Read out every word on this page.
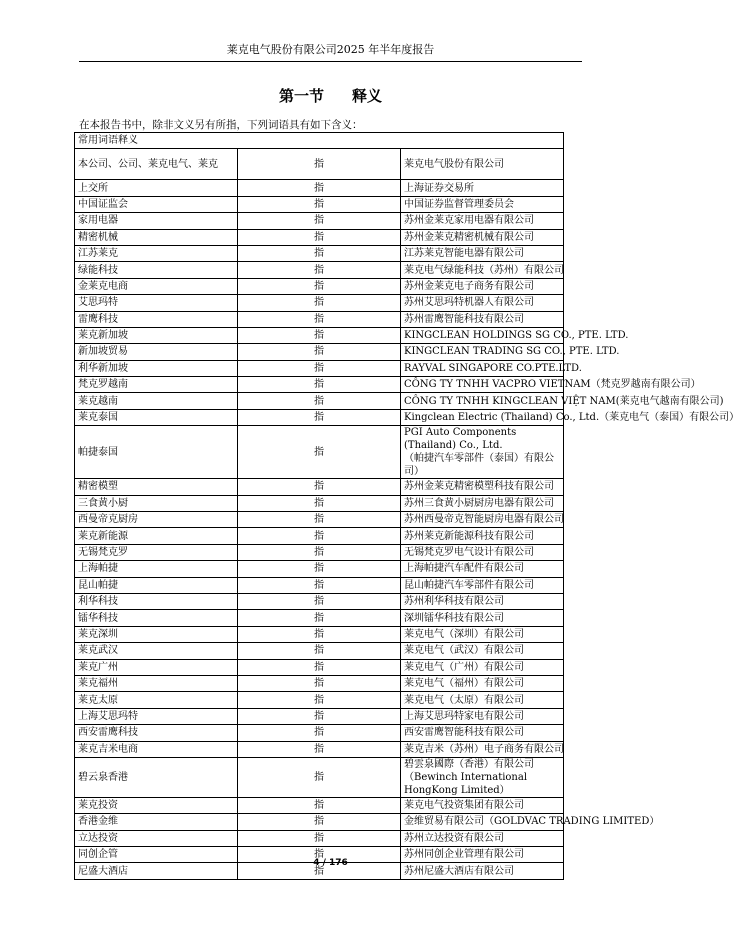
莱克电气股份有限公司2025 年半年度报告
第一节 释义
在本报告书中，除非文义另有所指，下列词语具有如下含义：
常用词语释义		
本公司、公司、莱克电气、莱克	指	莱克电气股份有限公司
上交所	指	上海证券交易所
中国证监会	指	中国证券监督管理委员会
家用电器	指	苏州金莱克家用电器有限公司
精密机械	指	苏州金莱克精密机械有限公司
江苏莱克	指	江苏莱克智能电器有限公司
绿能科技	指	莱克电气绿能科技（苏州）有限公司
金莱克电商	指	苏州金莱克电子商务有限公司
艾思玛特	指	苏州艾思玛特机器人有限公司
雷鹰科技	指	苏州雷鹰智能科技有限公司
莱克新加坡	指	KINGCLEAN HOLDINGS SG CO., PTE. LTD.
新加坡贸易	指	KINGCLEAN TRADING SG CO., PTE. LTD.
利华新加坡	指	RAYVAL SINGAPORE CO.PTE.LTD.
梵克罗越南	指	CÔNG TY TNHH VACPRO VIETNAM（梵克罗越南有限公司）
莱克越南	指	CÔNG TY TNHH KINGCLEAN VIỆT NAM(莱克电气越南有限公司)
莱克泰国	指	Kingclean Electric (Thailand) Co., Ltd.（莱克电气（泰国）有限公司）
帕捷泰国	指	PGI Auto Components (Thailand) Co., Ltd.
（帕捷汽车零部件（泰国）有限公司）

精密模塑	指	苏州金莱克精密模塑科技有限公司
三食黄小厨	指	苏州三食黄小厨厨房电器有限公司
西曼帝克厨房	指	苏州西曼帝克智能厨房电器有限公司
莱克新能源	指	苏州莱克新能源科技有限公司
无锡梵克罗	指	无锡梵克罗电气设计有限公司
上海帕捷	指	上海帕捷汽车配件有限公司
昆山帕捷	指	昆山帕捷汽车零部件有限公司
利华科技	指	苏州利华科技有限公司
镭华科技	指	深圳镭华科技有限公司
莱克深圳	指	莱克电气（深圳）有限公司
莱克武汉	指	莱克电气（武汉）有限公司
莱克广州	指	莱克电气（广州）有限公司
莱克福州	指	莱克电气（福州）有限公司
莱克太原	指	莱克电气（太原）有限公司
上海艾思玛特	指	上海艾思玛特家电有限公司
西安雷鹰科技	指	西安雷鹰智能科技有限公司
莱克吉米电商	指	莱克吉米（苏州）电子商务有限公司
碧云泉香港	指	碧雲泉國際（香港）有限公司
（Bewinch International HongKong Limited）

莱克投资	指	莱克电气投资集团有限公司
香港金维	指	金维贸易有限公司（GOLDVAC TRADING LIMITED）
立达投资	指	苏州立达投资有限公司
同创企管	指	苏州同创企业管理有限公司
尼盛大酒店	指	苏州尼盛大酒店有限公司
4 / 176
